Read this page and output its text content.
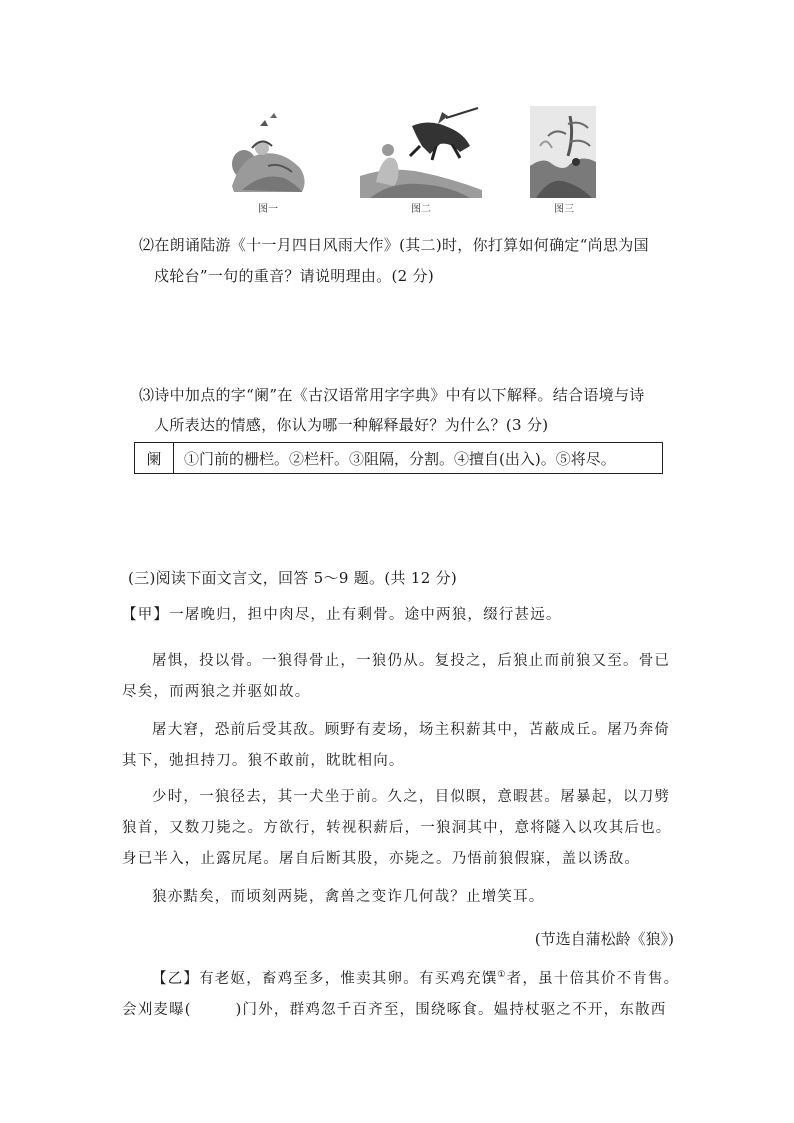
图一	图二	图三
⑵在朗诵陆游《十一月四日风雨大作》(其二)时，你打算如何确定“尚思为国
戍轮台”一句的重音？请说明理由。(2 分)
⑶诗中加点的字“阑”在《古汉语常用字字典》中有以下解释。结合语境与诗
人所表达的情感，你认为哪一种解释最好？为什么？(3 分)
阑	①门前的栅栏。②栏杆。③阻隔，分割。④擅自(出入)。⑤将尽。
(三)阅读下面文言文，回答 5～9 题。(共 12 分)
【甲】一屠晚归，担中肉尽，止有剩骨。途中两狼，缀行甚远。
屠惧，投以骨。一狼得骨止，一狼仍从。复投之，后狼止而前狼又至。骨已尽矣，而两狼之并驱如故。
屠大窘，恐前后受其敌。顾野有麦场，场主积薪其中，苫蔽成丘。屠乃奔倚其下，弛担持刀。狼不敢前，眈眈相向。
少时，一狼径去，其一犬坐于前。久之，目似瞑，意暇甚。屠暴起，以刀劈狼首，又数刀毙之。方欲行，转视积薪后，一狼洞其中，意将隧入以攻其后也。身已半入，止露尻尾。屠自后断其股，亦毙之。乃悟前狼假寐，盖以诱敌。
狼亦黠矣，而顷刻两毙，禽兽之变诈几何哉？止增笑耳。
(节选自蒲松龄《狼》)
【乙】有老妪，畜鸡至多，惟卖其卵。有买鸡充馔①者，虽十倍其价不肯售。会刈麦曝(	)门外，群鸡忽千百齐至，围绕啄食。媪持杖驱之不开，东散西
